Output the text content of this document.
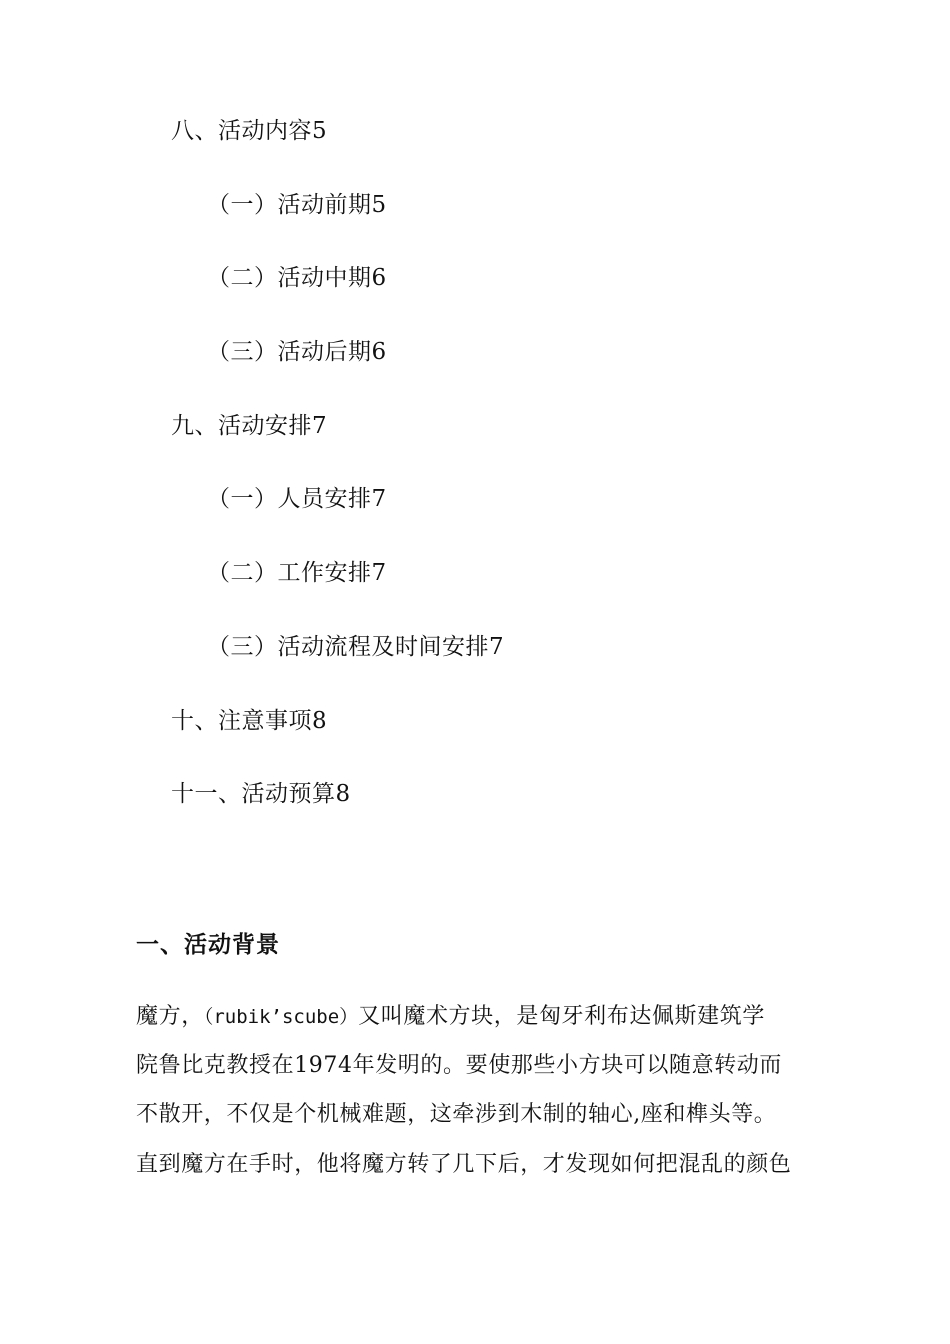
八、活动内容5
（一）活动前期5
（二）活动中期6
（三）活动后期6
九、活动安排7
（一）人员安排7
（二）工作安排7
（三）活动流程及时间安排7
十、注意事项8
十一、活动预算8
一、活动背景
魔方，（rubik’scube）又叫魔术方块，是匈牙利布达佩斯建筑学
院鲁比克教授在1974年发明的。要使那些小方块可以随意转动而
不散开，不仅是个机械难题，这牵涉到木制的轴心,座和榫头等。
直到魔方在手时，他将魔方转了几下后，才发现如何把混乱的颜色
